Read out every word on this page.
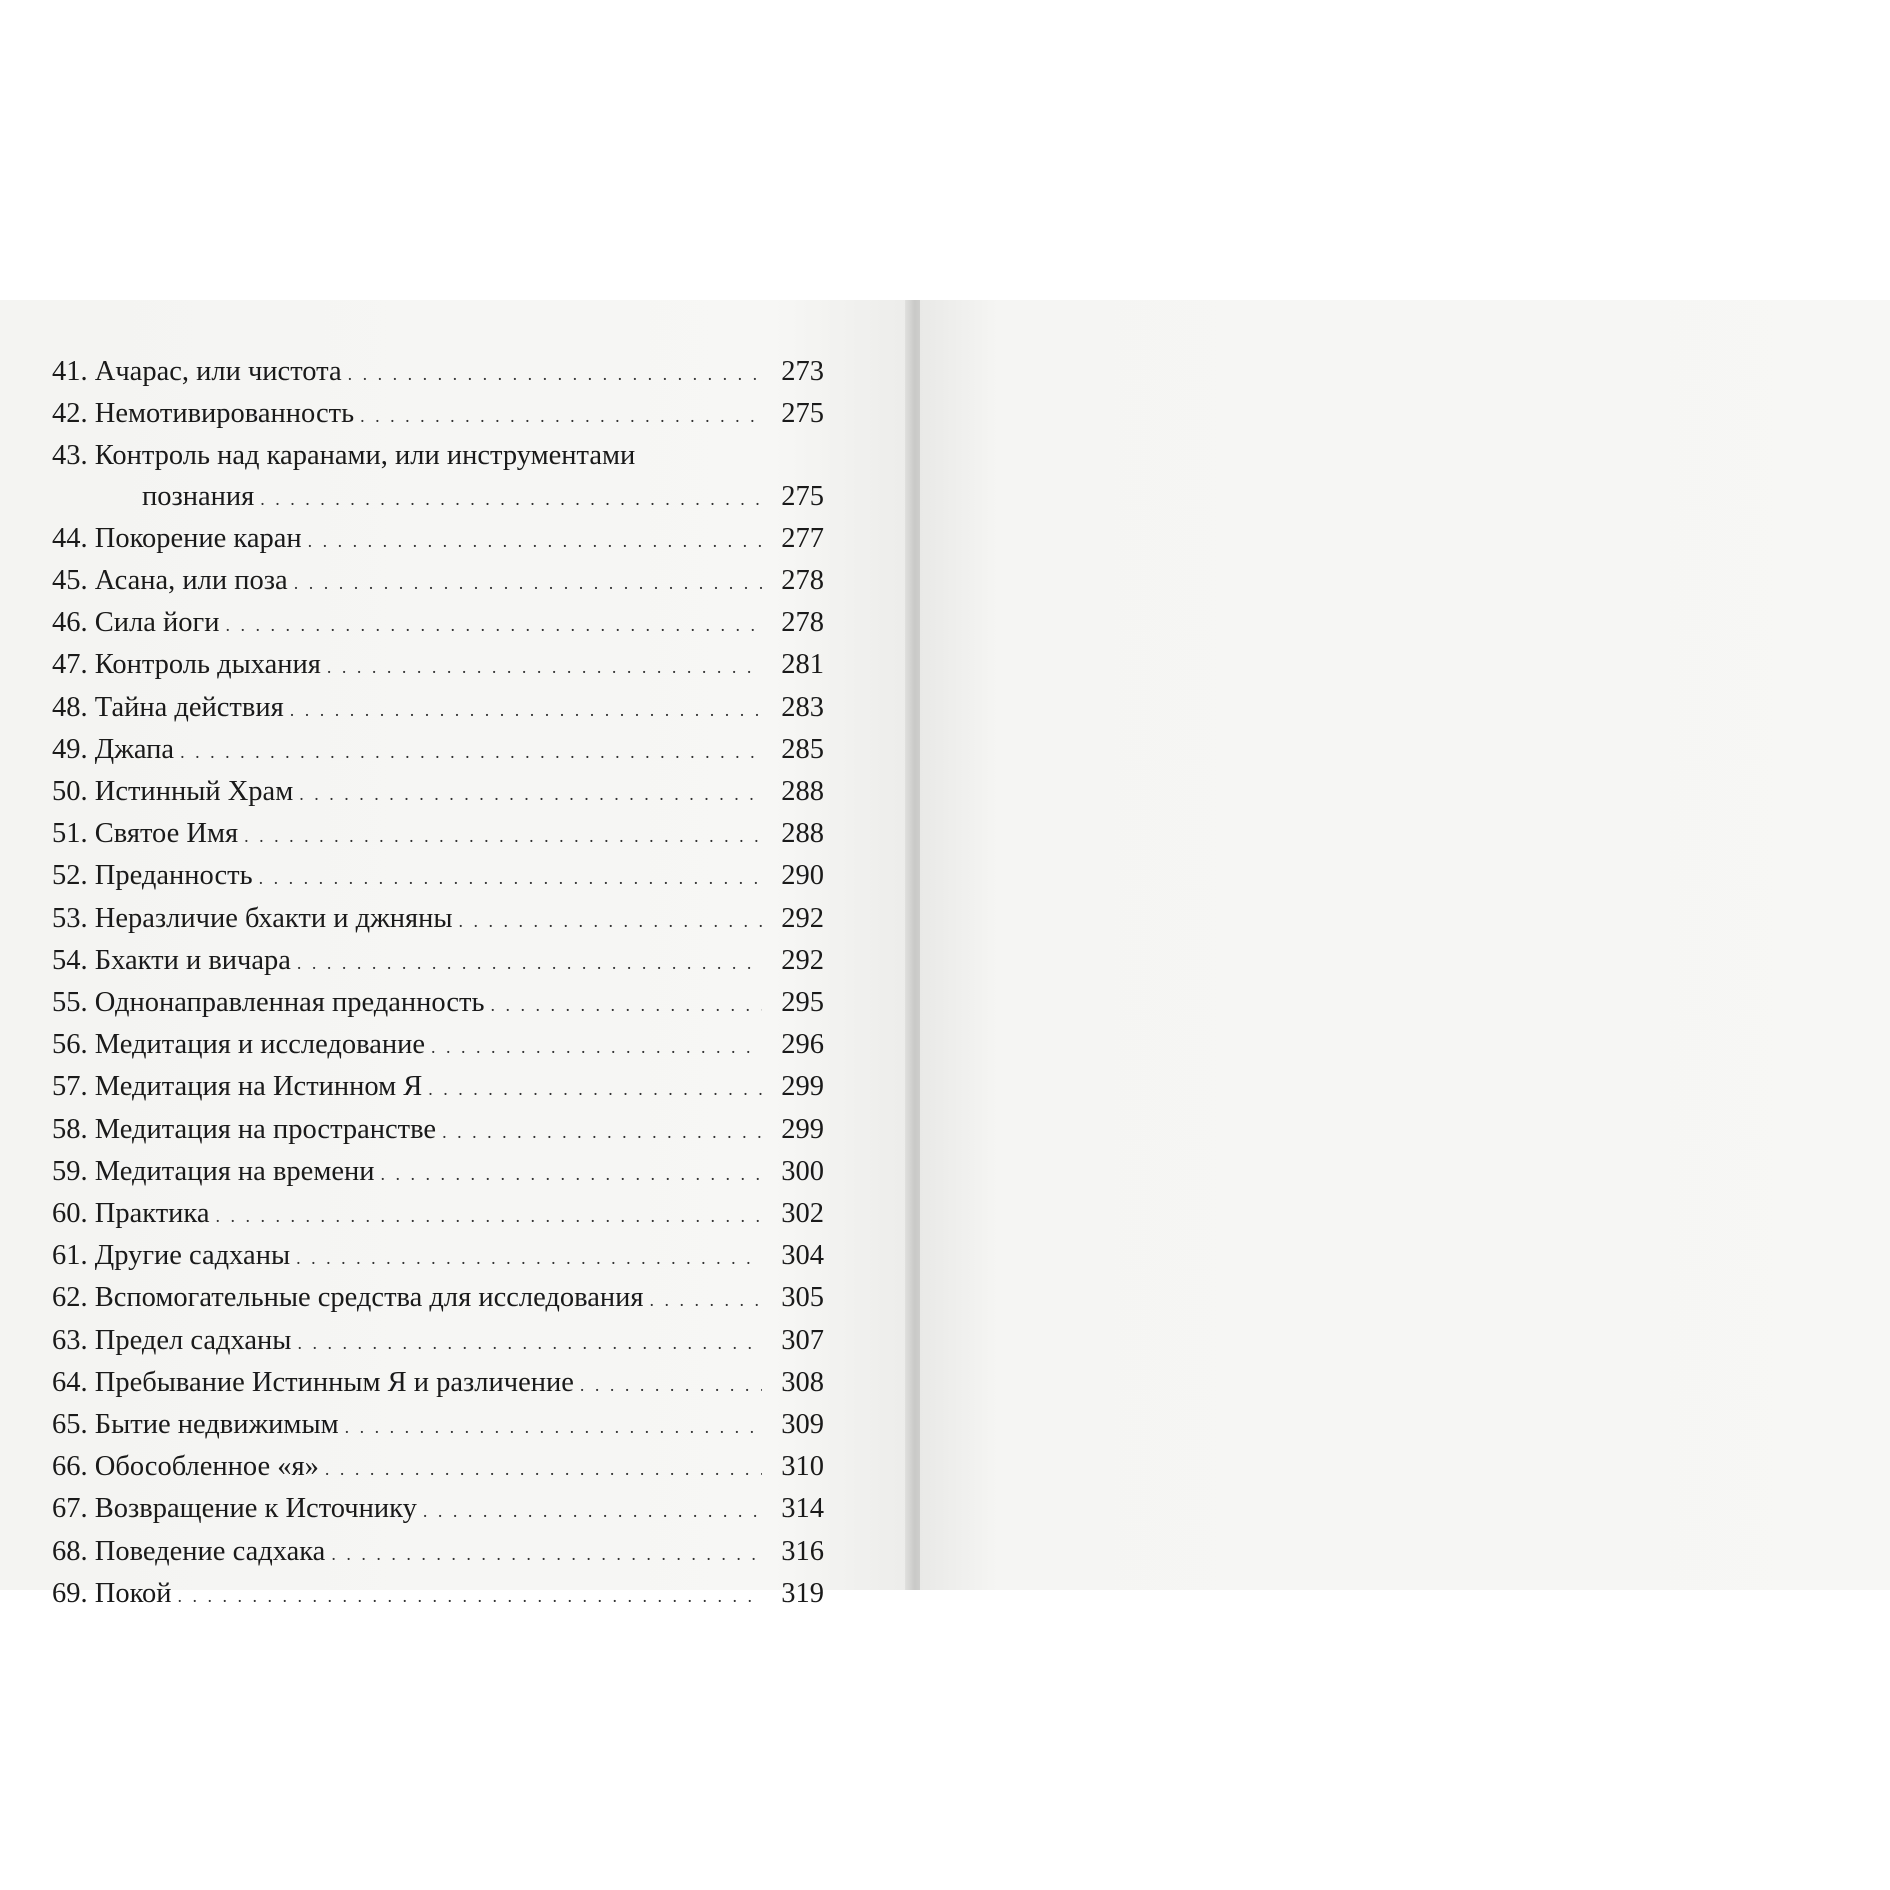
41. Ачарас, или чистота . . .	273
42. Немотивированность . . .	275
43. Контроль над каранами, или инструментами
познания . . .	275
44. Покорение каран . . .	277
45. Асана, или поза . . .	278
46. Сила йоги . . .	278
47. Контроль дыхания . . .	281
48. Тайна действия . . .	283
49. Джапа . . .	285
50. Истинный Храм . . .	288
51. Святое Имя . . .	288
52. Преданность . . .	290
53. Неразличие бхакти и джняны . . .	292
54. Бхакти и вичара . . .	292
55. Однонаправленная преданность . . .	295
56. Медитация и исследование . . .	296
57. Медитация на Истинном Я . . .	299
58. Медитация на пространстве . . .	299
59. Медитация на времени . . .	300
60. Практика . . .	302
61. Другие садханы . . .	304
62. Вспомогательные средства для исследования . . .	305
63. Предел садханы . . .	307
64. Пребывание Истинным Я и различение . . .	308
65. Бытие недвижимым . . .	309
66. Обособленное «я» . . .	310
67. Возвращение к Источнику . . .	314
68. Поведение садхака . . .	316
69. Покой . . .	319
